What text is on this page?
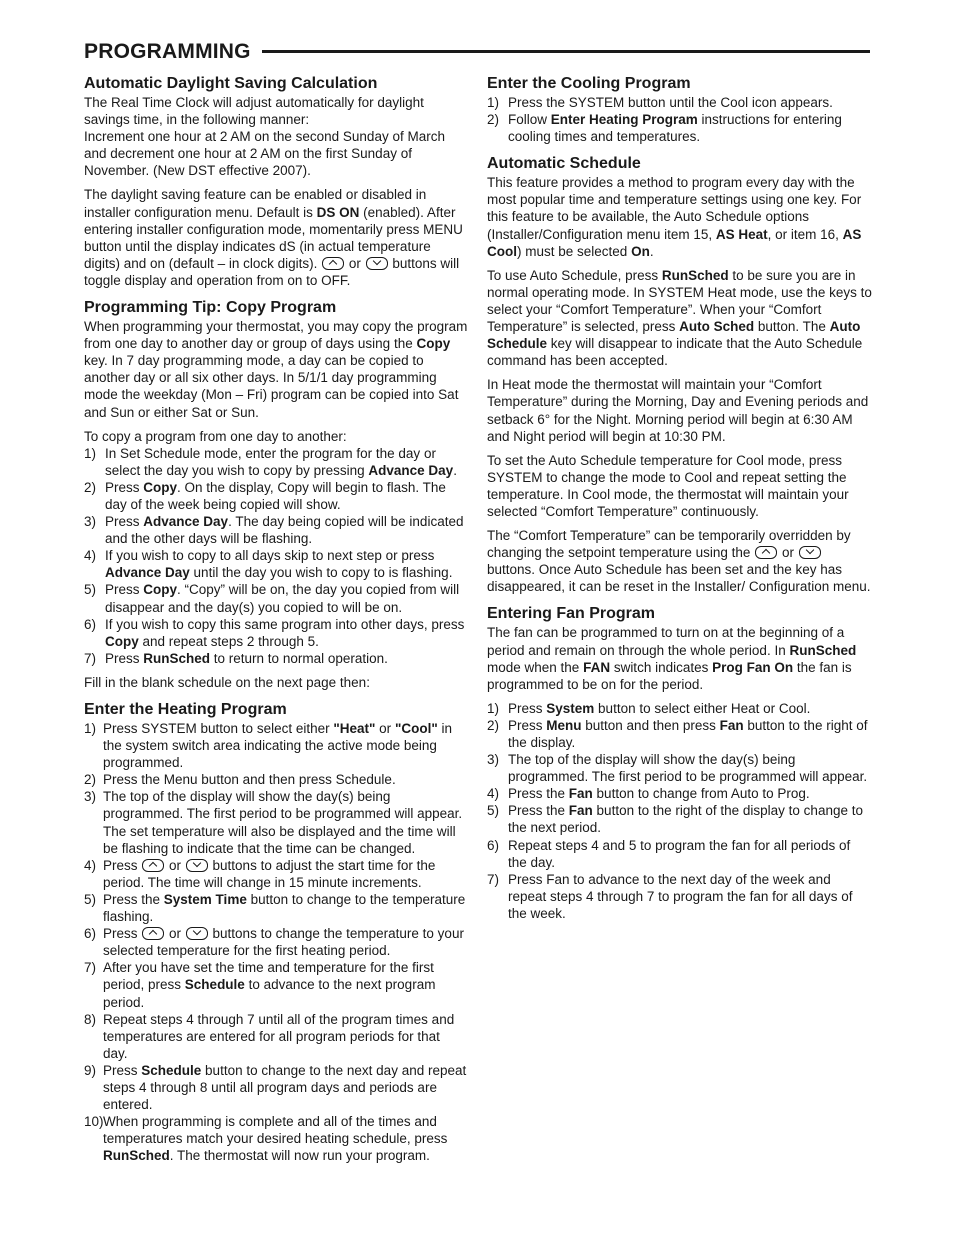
PROGRAMMING
Automatic Daylight Saving Calculation

The Real Time Clock will adjust automatically for daylight savings time, in the following manner:

Increment one hour at 2 AM on the second Sunday of March and decrement one hour at 2 AM on the first Sunday of November. (New DST effective 2007).

The daylight saving feature can be enabled or disabled in installer configuration menu. Default is DS ON (enabled). After entering installer configuration mode, momentarily press MENU button until the display indicates dS (in actual temperature digits) and on (default – in clock digits).  or  buttons will toggle display and operation from on to OFF.

Programming Tip: Copy Program

When programming your thermostat, you may copy the program from one day to another day or group of days using the Copy key. In 7 day programming mode, a day can be copied to another day or all six other days. In 5/1/1 day programming mode the weekday (Mon – Fri) program can be copied into Sat and Sun or either Sat or Sun.

To copy a program from one day to another:

1) In Set Schedule mode, enter the program for the day or select the day you wish to copy by pressing Advance Day.
2) Press Copy. On the display, Copy will begin to flash. The day of the week being copied will show.
3) Press Advance Day. The day being copied will be indicated and the other days will be flashing.
4) If you wish to copy to all days skip to next step or press Advance Day until the day you wish to copy to is flashing.
5) Press Copy. “Copy” will be on, the day you copied from will disappear and the day(s) you copied to will be on.
6) If you wish to copy this same program into other days, press Copy and repeat steps 2 through 5.
7) Press RunSched to return to normal operation.

Fill in the blank schedule on the next page then:

Enter the Heating Program
1) Press SYSTEM button to select either "Heat" or "Cool" in the system switch area indicating the active mode being programmed.
2) Press the Menu button and then press Schedule.
3) The top of the display will show the day(s) being programmed. The first period to be programmed will appear. The set temperature will also be displayed and the time will be flashing to indicate that the time can be changed.
4) Press  or  buttons to adjust the start time for the period. The time will change in 15 minute increments.
5) Press the System Time button to change to the temperature flashing.
6) Press  or  buttons to change the temperature to your selected temperature for the first heating period.
7) After you have set the time and temperature for the first period, press Schedule to advance to the next program period.
8) Repeat steps 4 through 7 until all of the program times and temperatures are entered for all program periods for that day.
9) Press Schedule button to change to the next day and repeat steps 4 through 8 until all program days and periods are entered.
10) When programming is complete and all of the times and temperatures match your desired heating schedule, press RunSched. The thermostat will now run your program.
Enter the Cooling Program
1) Press the SYSTEM button until the Cool icon appears.
2) Follow Enter Heating Program instructions for entering cooling times and temperatures.
Automatic Schedule

This feature provides a method to program every day with the most popular time and temperature settings using one key. For this feature to be available, the Auto Schedule options (Installer/Configuration menu item 15, AS Heat, or item 16, AS Cool) must be selected On.

To use Auto Schedule, press RunSched to be sure you are in normal operating mode. In SYSTEM Heat mode, use the keys to select your “Comfort Temperature”. When your “Comfort Temperature” is selected, press Auto Sched button. The Auto Schedule key will disappear to indicate that the Auto Schedule command has been accepted.

In Heat mode the thermostat will maintain your “Comfort Temperature” during the Morning, Day and Evening periods and setback 6° for the Night. Morning period will begin at 6:30 AM and Night period will begin at 10:30 PM.

To set the Auto Schedule temperature for Cool mode, press SYSTEM to change the mode to Cool and repeat setting the temperature. In Cool mode, the thermostat will maintain your selected “Comfort Temperature” continuously.

The “Comfort Temperature” can be temporarily overridden by changing the setpoint temperature using the  or  buttons. Once Auto Schedule has been set and the key has disappeared, it can be reset in the Installer/ Configuration menu.

Entering Fan Program

The fan can be programmed to turn on at the beginning of a period and remain on through the whole period. In RunSched mode when the FAN switch indicates Prog Fan On the fan is programmed to be on for the period.

1) Press System button to select either Heat or Cool.
2) Press Menu button and then press Fan button to the right of the display.
3) The top of the display will show the day(s) being programmed. The first period to be programmed will appear.
4) Press the Fan button to change from Auto to Prog.
5) Press the Fan button to the right of the display to change to the next period.
6) Repeat steps 4 and 5 to program the fan for all periods of the day.
7) Press Fan to advance to the next day of the week and repeat steps 4 through 7 to program the fan for all days of the week.
